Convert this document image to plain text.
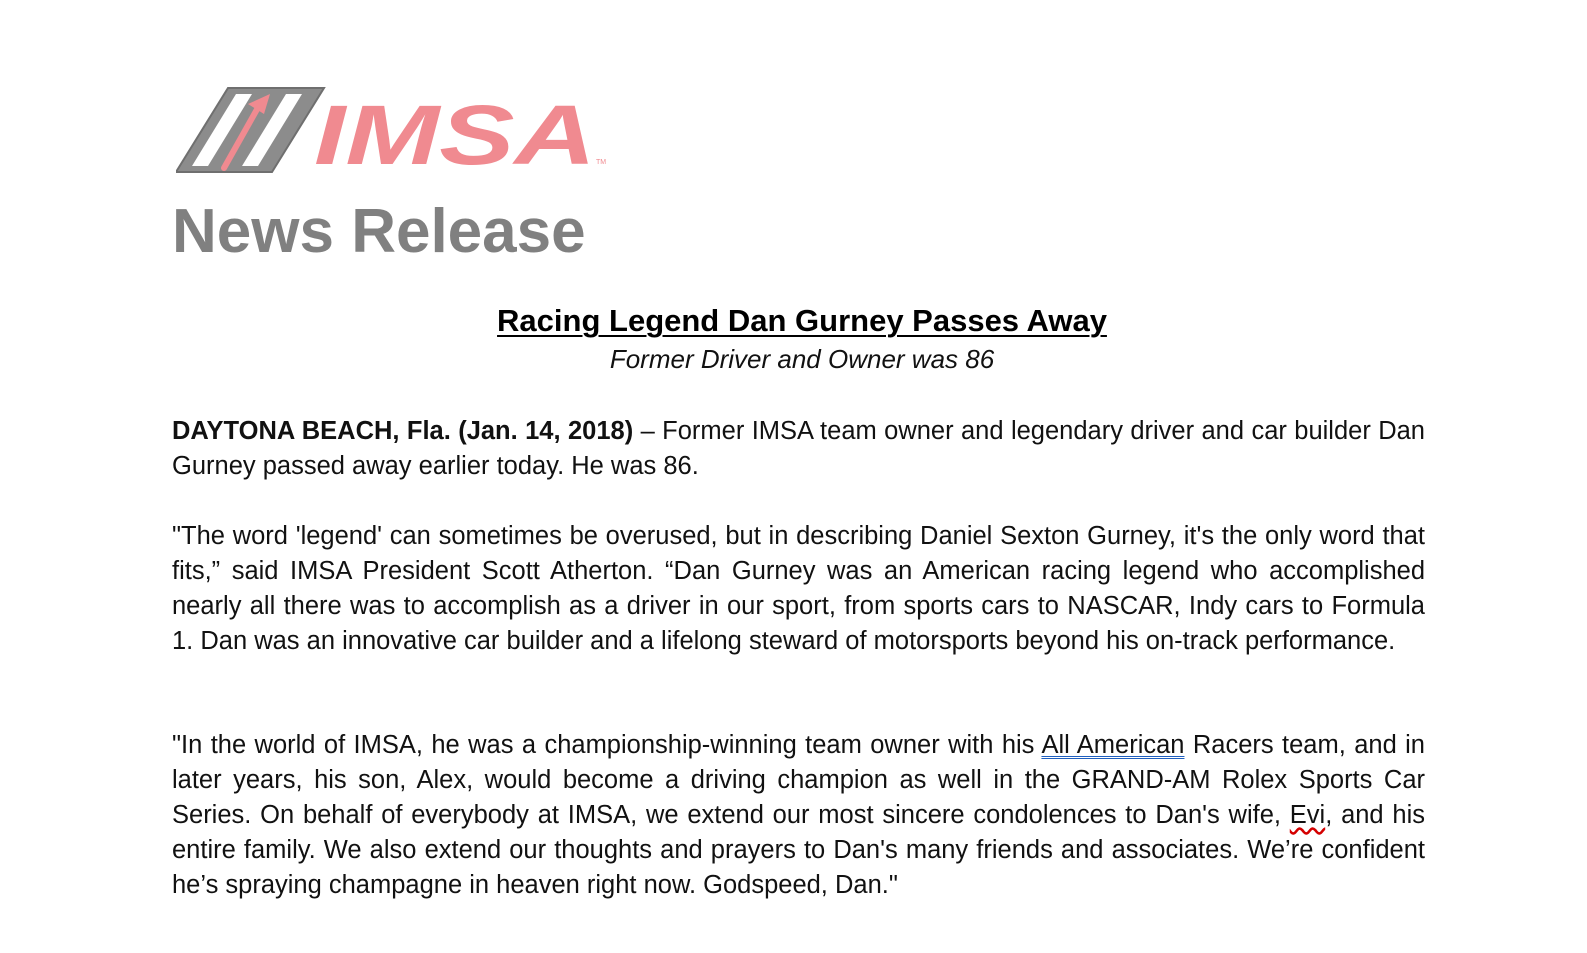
IMSA TM
News Release
Racing Legend Dan Gurney Passes Away
Former Driver and Owner was 86

DAYTONA BEACH, Fla. (Jan. 14, 2018) – Former IMSA team owner and legendary driver and car builder Dan Gurney passed away earlier today. He was 86.

"The word 'legend' can sometimes be overused, but in describing Daniel Sexton Gurney, it's the only word that fits,” said IMSA President Scott Atherton. “Dan Gurney was an American racing legend who accomplished nearly all there was to accomplish as a driver in our sport, from sports cars to NASCAR, Indy cars to Formula 1. Dan was an innovative car builder and a lifelong steward of motorsports beyond his on-track performance.

"In the world of IMSA, he was a championship-winning team owner with his All American Racers team, and in later years, his son, Alex, would become a driving champion as well in the GRAND-AM Rolex Sports Car Series. On behalf of everybody at IMSA, we extend our most sincere condolences to Dan's wife, Evi, and his entire family. We also extend our thoughts and prayers to Dan's many friends and associates. We’re confident he’s spraying champagne in heaven right now. Godspeed, Dan."
